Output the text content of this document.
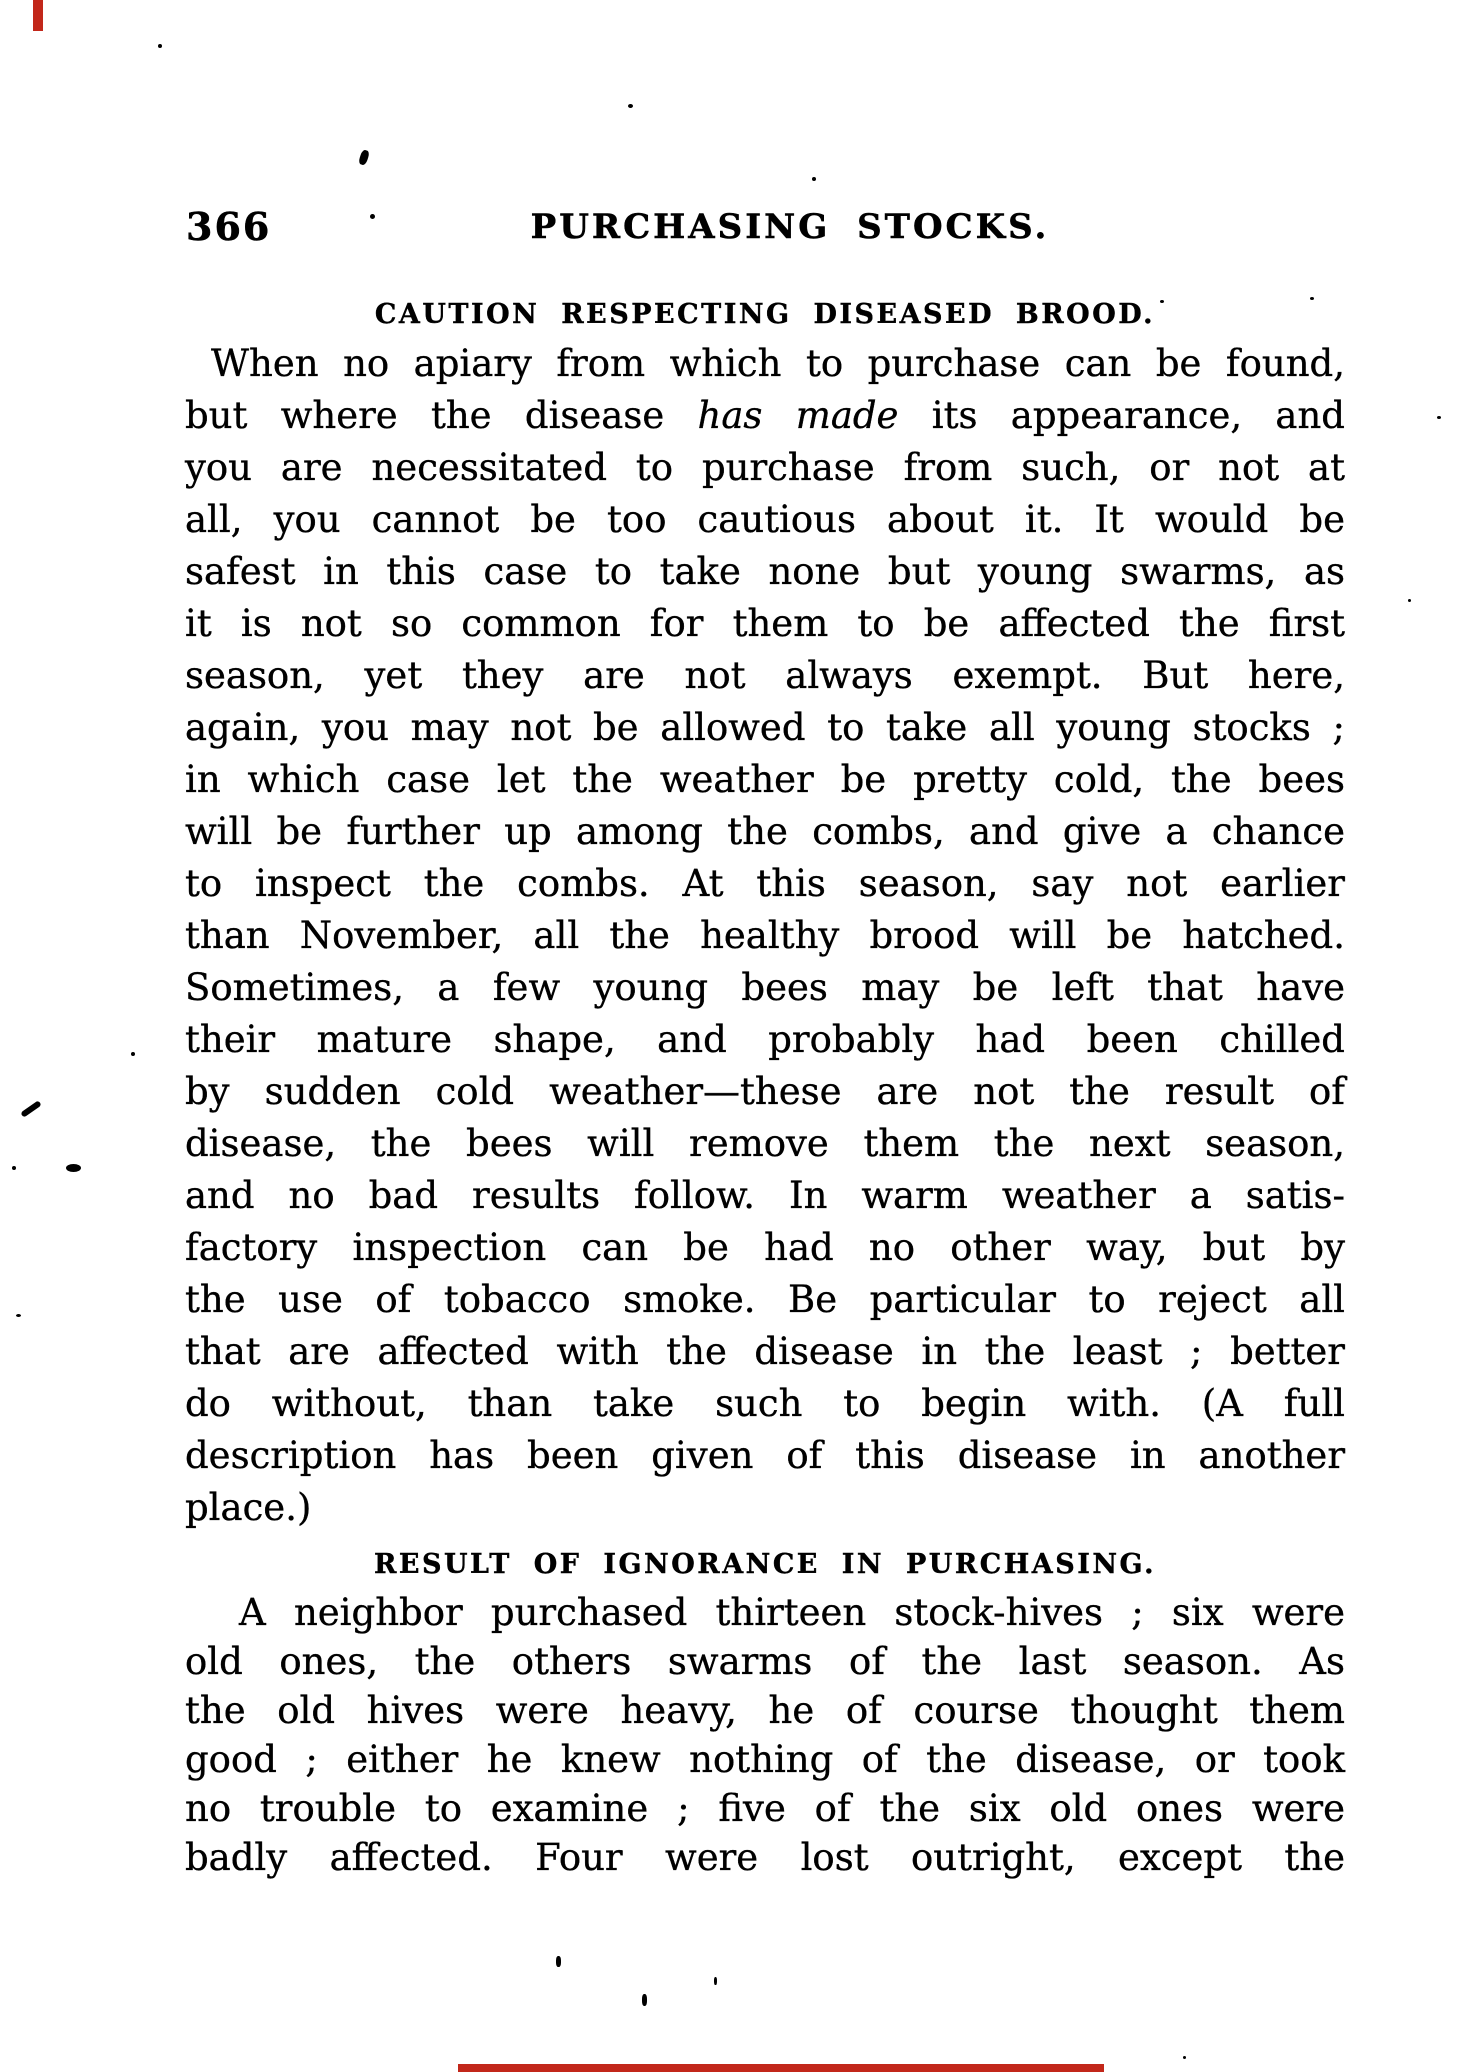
366	PURCHASING STOCKS.
CAUTION RESPECTING DISEASED BROOD.
When no apiary from which to purchase can be found,
but where the disease has made its appearance, and
you are necessitated to purchase from such, or not at
all, you cannot be too cautious about it. It would be
safest in this case to take none but young swarms, as
it is not so common for them to be affected the first
season, yet they are not always exempt. But here,
again, you may not be allowed to take all young stocks ;
in which case let the weather be pretty cold, the bees
will be further up among the combs, and give a chance
to inspect the combs. At this season, say not earlier
than November, all the healthy brood will be hatched.
Sometimes, a few young bees may be left that have
their mature shape, and probably had been chilled
by sudden cold weather—these are not the result of
disease, the bees will remove them the next season,
and no bad results follow. In warm weather a satis-
factory inspection can be had no other way, but by
the use of tobacco smoke. Be particular to reject all
that are affected with the disease in the least ; better
do without, than take such to begin with. (A full
description has been given of this disease in another
place.)
RESULT OF IGNORANCE IN PURCHASING.
A neighbor purchased thirteen stock-hives ; six were
old ones, the others swarms of the last season. As
the old hives were heavy, he of course thought them
good ; either he knew nothing of the disease, or took
no trouble to examine ; five of the six old ones were
badly affected. Four were lost outright, except the
